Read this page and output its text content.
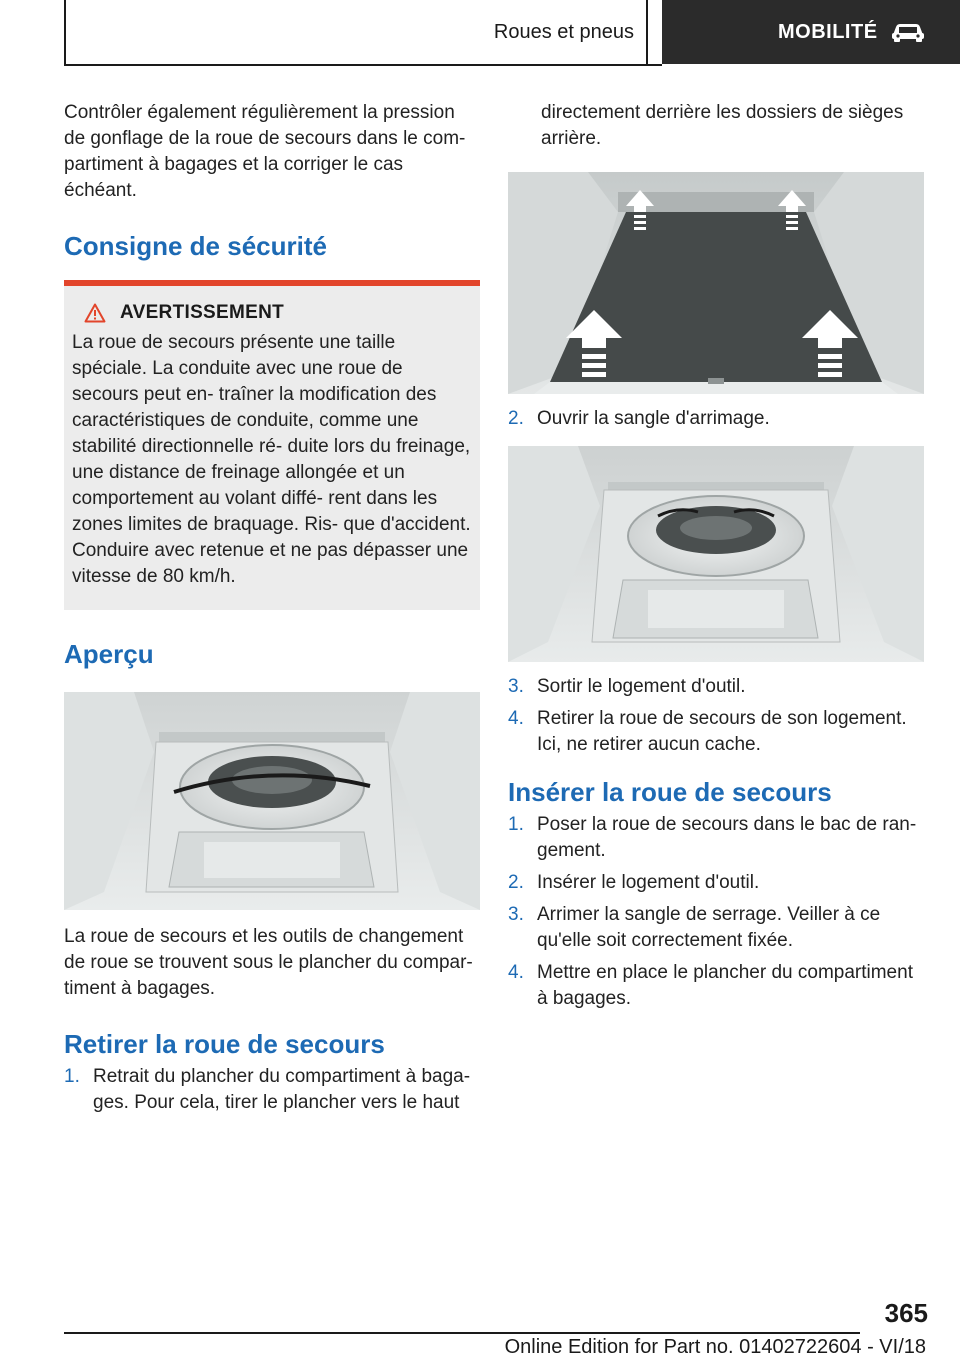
Roues et pneus	MOBILITÉ

Contrôler également régulièrement la pression de gonflage de la roue de secours dans le com‐ partiment à bagages et la corriger le cas échéant.

Consigne de sécurité
AVERTISSEMENT

La roue de secours présente une taille spéciale. La conduite avec une roue de secours peut en‐ traîner la modification des caractéristiques de conduite, comme une stabilité directionnelle ré‐ duite lors du freinage, une distance de freinage allongée et un comportement au volant diffé‐ rent dans les zones limites de braquage. Ris‐ que d'accident. Conduire avec retenue et ne pas dépasser une vitesse de 80 km/h.

Aperçu

La roue de secours et les outils de changement de roue se trouvent sous le plancher du compar‐ timent à bagages.

Retirer la roue de secours
1. Retrait du plancher du compartiment à baga‐ ges. Pour cela, tirer le plancher vers le haut

directement derrière les dossiers de sièges arrière.

2. Ouvrir la sangle d'arrimage.
3. Sortir le logement d'outil.
4. Retirer la roue de secours de son logement. Ici, ne retirer aucun cache.
Insérer la roue de secours
1. Poser la roue de secours dans le bac de ran‐ gement.
2. Insérer le logement d'outil.
3. Arrimer la sangle de serrage. Veiller à ce qu'elle soit correctement fixée.
4. Mettre en place le plancher du compartiment à bagages.
365
Online Edition for Part no. 01402722604 - VI/18
